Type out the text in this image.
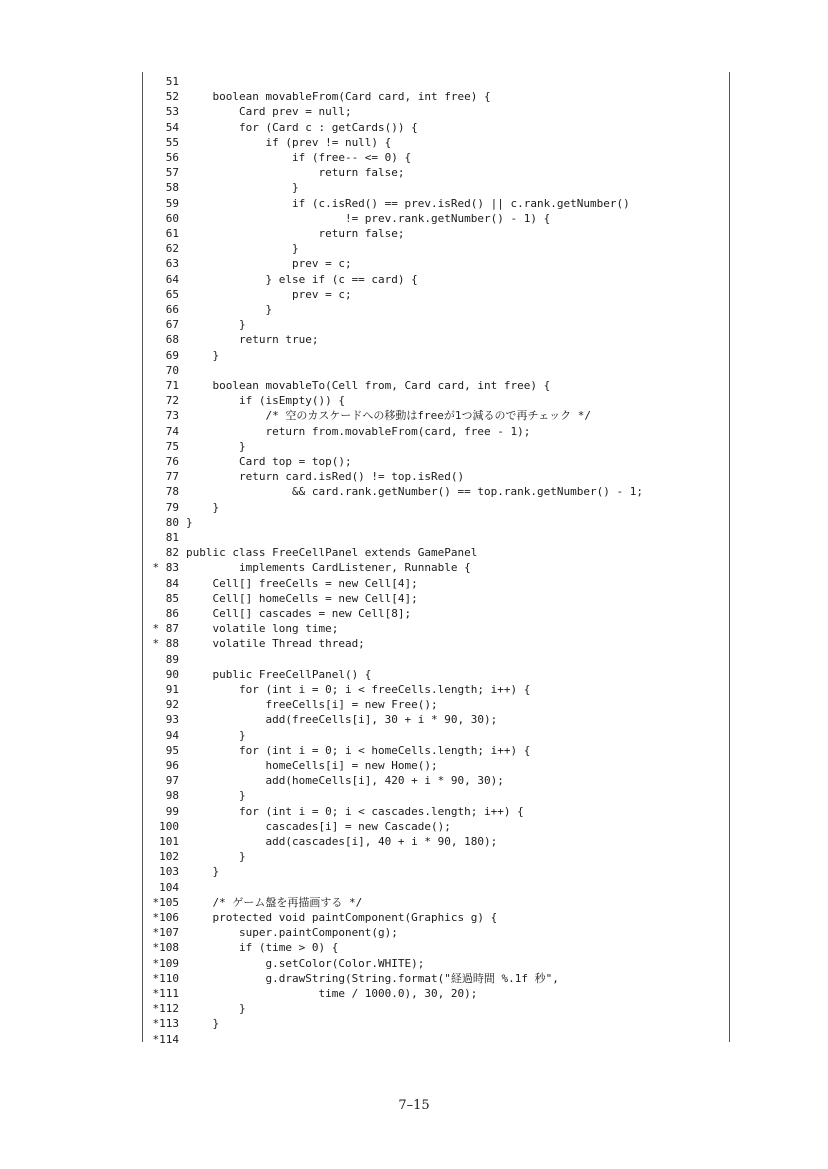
51
52    boolean movableFrom(Card card, int free) {
53        Card prev = null;
54        for (Card c : getCards()) {
55            if (prev != null) {
56                if (free-- <= 0) {
57                    return false;
58                }
59                if (c.isRed() == prev.isRed() || c.rank.getNumber()
60                        != prev.rank.getNumber() - 1) {
61                    return false;
62                }
63                prev = c;
64            } else if (c == card) {
65                prev = c;
66            }
67        }
68        return true;
69    }
70
71    boolean movableTo(Cell from, Card card, int free) {
72        if (isEmpty()) {
73            /* 空のカスケードへの移動はfreeが1つ減るので再チェック */
74            return from.movableFrom(card, free - 1);
75        }
76        Card top = top();
77        return card.isRed() != top.isRed()
78                && card.rank.getNumber() == top.rank.getNumber() - 1;
79    }
80 }
81
82 public class FreeCellPanel extends GamePanel
* 83        implements CardListener, Runnable {
84    Cell[] freeCells = new Cell[4];
85    Cell[] homeCells = new Cell[4];
86    Cell[] cascades = new Cell[8];
* 87    volatile long time;
* 88    volatile Thread thread;
89
90    public FreeCellPanel() {
91        for (int i = 0; i < freeCells.length; i++) {
92            freeCells[i] = new Free();
93            add(freeCells[i], 30 + i * 90, 30);
94        }
95        for (int i = 0; i < homeCells.length; i++) {
96            homeCells[i] = new Home();
97            add(homeCells[i], 420 + i * 90, 30);
98        }
99        for (int i = 0; i < cascades.length; i++) {
100            cascades[i] = new Cascade();
101            add(cascades[i], 40 + i * 90, 180);
102        }
103    }
104
*105    /* ゲーム盤を再描画する */
*106    protected void paintComponent(Graphics g) {
*107        super.paintComponent(g);
*108        if (time > 0) {
*109            g.setColor(Color.WHITE);
*110            g.drawString(String.format("経過時間 %.1f 秒",
*111                    time / 1000.0), 30, 20);
*112        }
*113    }
*114
7–15
